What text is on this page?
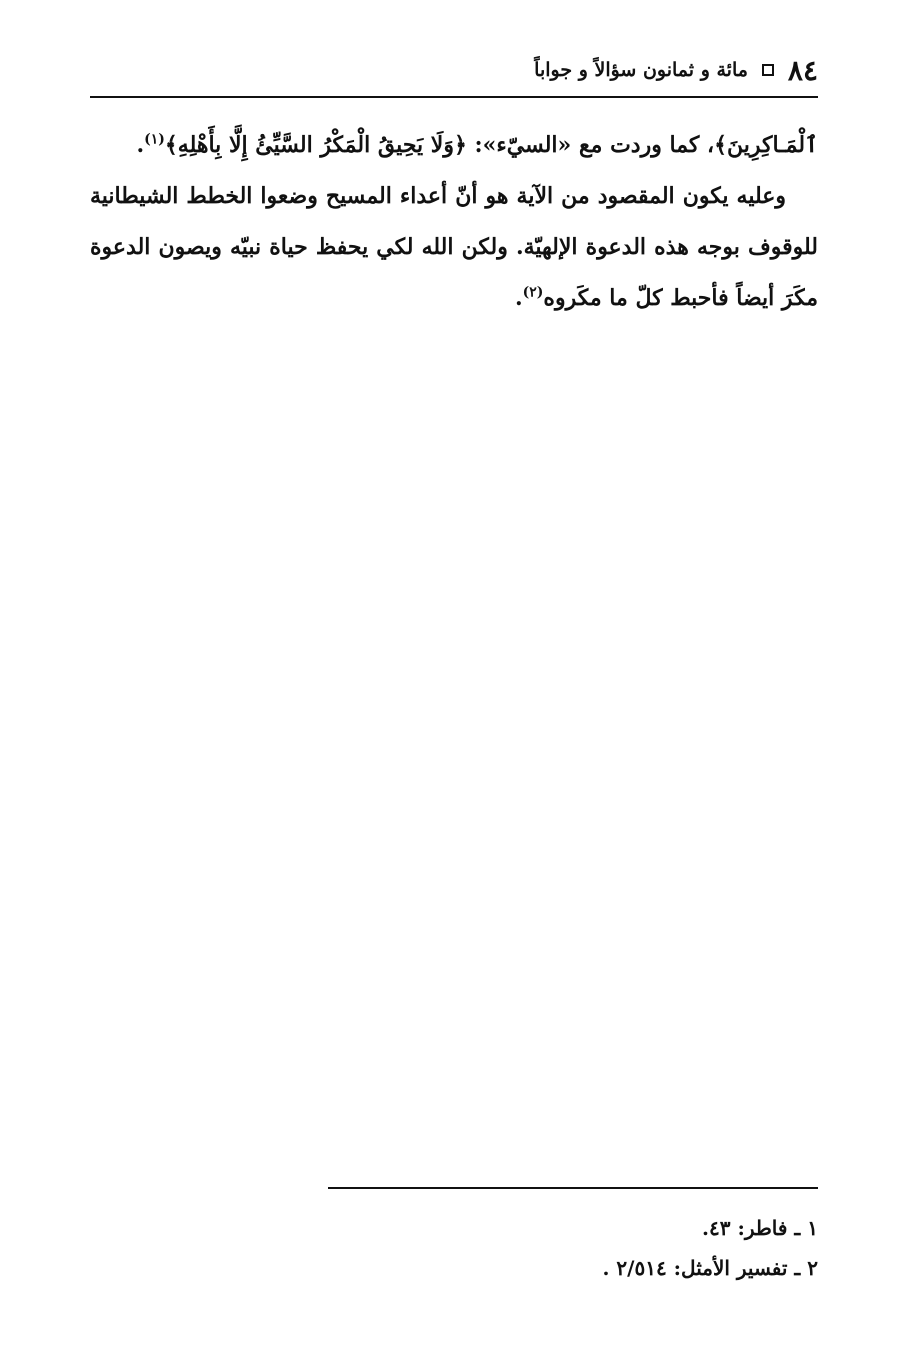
٨٤
مائة و ثمانون سؤالاً و جواباً

ٱلْمَـاكِرِينَ﴾، كما وردت مع «السيّء»: ﴿وَلَا يَحِيقُ الْمَكْرُ السَّيِّئُ إِلَّا بِأَهْلِهِ﴾$^{(١)}$.

وعليه يكون المقصود من الآية هو أنّ أعداء المسيح وضعوا الخطط الشيطانية للوقوف بوجه هذه الدعوة الإلهيّة. ولكن الله لكي يحفظ حياة نبيّه ويصون الدعوة مكَرَ أيضاً فأحبط كلّ ما مكَروه$^{(٢)}$.

١ ـ فاطر: ٤٣.
٢ ـ تفسير الأمثل: ٢/٥١٤ .
